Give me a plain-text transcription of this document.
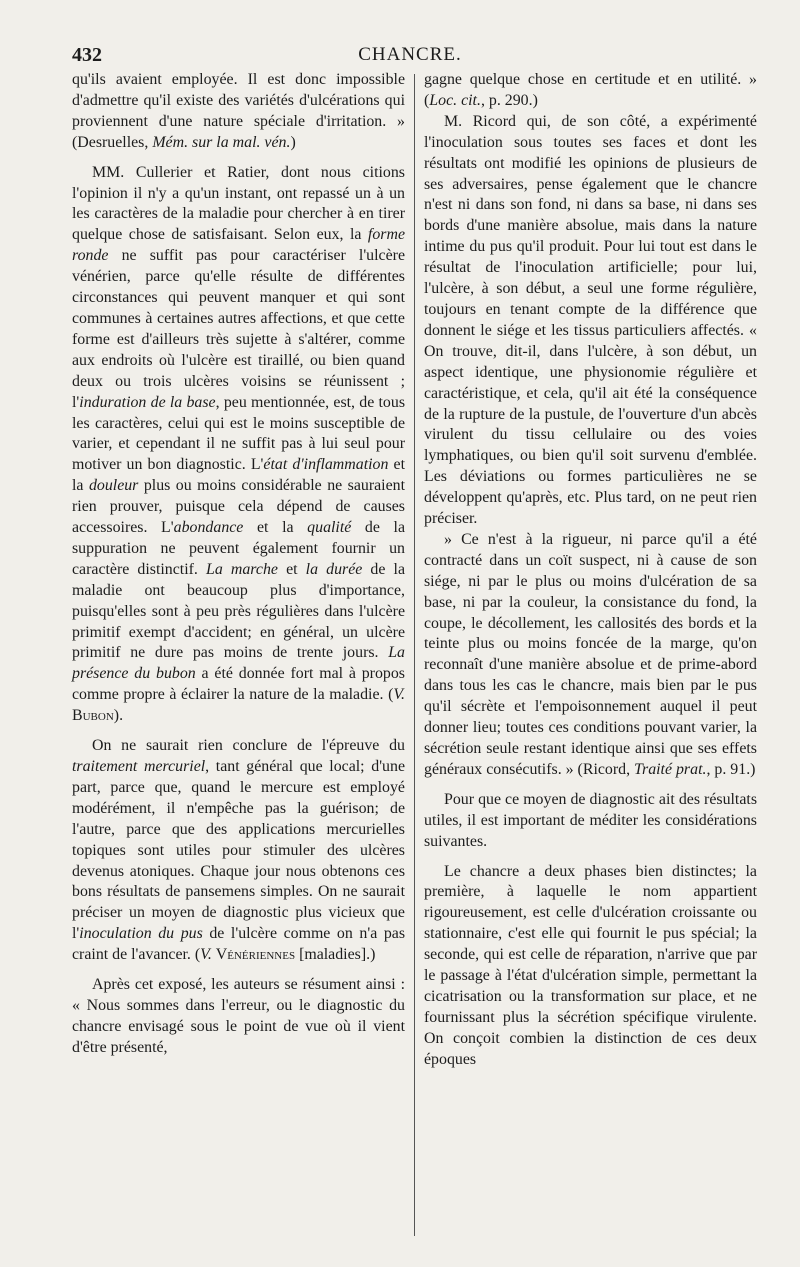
432	CHANCRE.

qu'ils avaient employée. Il est donc impossible d'admettre qu'il existe des variétés d'ulcérations qui proviennent d'une nature spéciale d'irritation. » (Desruelles, Mém. sur la mal. vén.)

MM. Cullerier et Ratier, dont nous citions l'opinion il n'y a qu'un instant, ont repassé un à un les caractères de la maladie pour chercher à en tirer quelque chose de satisfaisant. Selon eux, la forme ronde ne suffit pas pour caractériser l'ulcère vénérien, parce qu'elle résulte de différentes circonstances qui peuvent manquer et qui sont communes à certaines autres affections, et que cette forme est d'ailleurs très sujette à s'altérer, comme aux endroits où l'ulcère est tiraillé, ou bien quand deux ou trois ulcères voisins se réunissent ; l'induration de la base, peu mentionnée, est, de tous les caractères, celui qui est le moins susceptible de varier, et cependant il ne suffit pas à lui seul pour motiver un bon diagnostic. L'état d'inflammation et la douleur plus ou moins considérable ne sauraient rien prouver, puisque cela dépend de causes accessoires. L'abondance et la qualité de la suppuration ne peuvent également fournir un caractère distinctif. La marche et la durée de la maladie ont beaucoup plus d'importance, puisqu'elles sont à peu près régulières dans l'ulcère primitif exempt d'accident; en général, un ulcère primitif ne dure pas moins de trente jours. La présence du bubon a été donnée fort mal à propos comme propre à éclairer la nature de la maladie. (V. Bubon).

On ne saurait rien conclure de l'épreuve du traitement mercuriel, tant général que local; d'une part, parce que, quand le mercure est employé modérément, il n'empêche pas la guérison; de l'autre, parce que des applications mercurielles topiques sont utiles pour stimuler des ulcères devenus atoniques. Chaque jour nous obtenons ces bons résultats de pansemens simples. On ne saurait préciser un moyen de diagnostic plus vicieux que l'inoculation du pus de l'ulcère comme on n'a pas craint de l'avancer. (V. Vénériennes [maladies].)

Après cet exposé, les auteurs se résument ainsi : « Nous sommes dans l'erreur, ou le diagnostic du chancre envisagé sous le point de vue où il vient d'être présenté,

gagne quelque chose en certitude et en utilité. » (Loc. cit., p. 290.)

M. Ricord qui, de son côté, a expérimenté l'inoculation sous toutes ses faces et dont les résultats ont modifié les opinions de plusieurs de ses adversaires, pense également que le chancre n'est ni dans son fond, ni dans sa base, ni dans ses bords d'une manière absolue, mais dans la nature intime du pus qu'il produit. Pour lui tout est dans le résultat de l'inoculation artificielle; pour lui, l'ulcère, à son début, a seul une forme régulière, toujours en tenant compte de la différence que donnent le siége et les tissus particuliers affectés. « On trouve, dit-il, dans l'ulcère, à son début, un aspect identique, une physionomie régulière et caractéristique, et cela, qu'il ait été la conséquence de la rupture de la pustule, de l'ouverture d'un abcès virulent du tissu cellulaire ou des voies lymphatiques, ou bien qu'il soit survenu d'emblée. Les déviations ou formes particulières ne se développent qu'après, etc. Plus tard, on ne peut rien préciser.

» Ce n'est à la rigueur, ni parce qu'il a été contracté dans un coït suspect, ni à cause de son siége, ni par le plus ou moins d'ulcération de sa base, ni par la couleur, la consistance du fond, la coupe, le décollement, les callosités des bords et la teinte plus ou moins foncée de la marge, qu'on reconnaît d'une manière absolue et de prime-abord dans tous les cas le chancre, mais bien par le pus qu'il sécrète et l'empoisonnement auquel il peut donner lieu; toutes ces conditions pouvant varier, la sécrétion seule restant identique ainsi que ses effets généraux consécutifs. » (Ricord, Traité prat., p. 91.)

Pour que ce moyen de diagnostic ait des résultats utiles, il est important de méditer les considérations suivantes.

Le chancre a deux phases bien distinctes; la première, à laquelle le nom appartient rigoureusement, est celle d'ulcération croissante ou stationnaire, c'est elle qui fournit le pus spécial; la seconde, qui est celle de réparation, n'arrive que par le passage à l'état d'ulcération simple, permettant la cicatrisation ou la transformation sur place, et ne fournissant plus la sécrétion spécifique virulente. On conçoit combien la distinction de ces deux époques
